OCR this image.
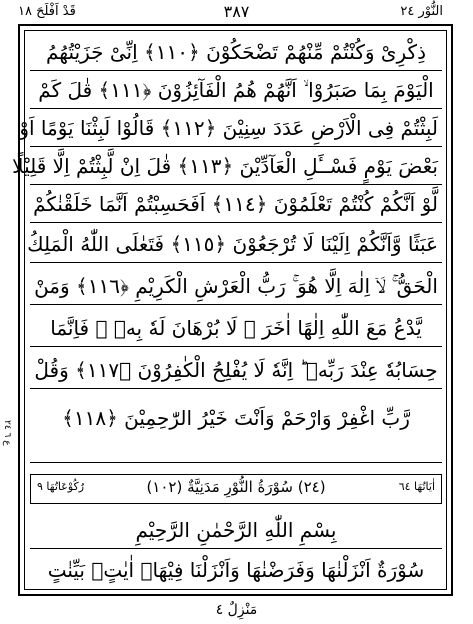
قَدْ اَفْلَحَ ١٨	٣٨٧	النُّوْر ٢٤
ع ٦ ٢٤
ذِكْرِىْ وَكُنْتُمْ مِّنْهُمْ تَضْحَكُوْنَ ﴿١١٠﴾ اِنِّىْ جَزَيْتُهُمُ
الْيَوْمَ بِمَا صَبَرُوْا ۙ اَنَّهُمْ هُمُ الْفَآئِزُوْنَ ﴿١١١﴾ قٰلَ كَمْ
لَبِثْتُمْ فِى الْاَرْضِ عَدَدَ سِنِيْنَ ﴿١١٢﴾ قَالُوْا لَبِثْنَا يَوْمًا اَوْ
بَعْضَ يَوْمٍ فَسْــَٔلِ الْعَآدِّيْنَ ﴿١١٣﴾ قٰلَ اِنْ لَّبِثْتُمْ اِلَّا قَلِيْلًا
لَّوْ اَنَّكُمْ كُنْتُمْ تَعْلَمُوْنَ ﴿١١٤﴾ اَفَحَسِبْتُمْ اَنَّمَا خَلَقْنٰكُمْ
عَبَثًا وَّاَنَّكُمْ اِلَيْنَا لَا تُرْجَعُوْنَ ﴿١١٥﴾ فَتَعٰلَى اللّٰهُ الْمَلِكُ
الْحَقُّ ۚ لَاۤ اِلٰهَ اِلَّا هُوَ ۚ رَبُّ الْعَرْشِ الْكَرِيْمِ ﴿١١٦﴾ وَمَنْ
يَّدْعُ مَعَ اللّٰهِ اِلٰهًا اٰخَرَ ۙ لَا بُرْهَانَ لَهٗ بِهٖ ۙ فَاِنَّمَا
حِسَابُهٗ عِنْدَ رَبِّهٖ ؕ اِنَّهٗ لَا يُفْلِحُ الْكٰفِرُوْنَ ﴿١١٧﴾ وَقُلْ
رَّبِّ اغْفِرْ وَارْحَمْ وَاَنْتَ خَيْرُ الرّٰحِمِيْنَ ﴿١١٨﴾
رُكُوْعَاتُهَا ٩	(٢٤) سُوْرَةُ النُّوْرِ مَدَنِيَّةٌ (١٠٢)	اٰيَاتُهَا ٦٤
بِسْمِ اللّٰهِ الرَّحْمٰنِ الرَّحِيْمِ
سُوْرَةٌ اَنْزَلْنٰهَا وَفَرَضْنٰهَا وَاَنْزَلْنَا فِيْهَاۤ اٰيٰتٍۭ بَيِّنٰتٍ
مَنْزِلٌ ٤
